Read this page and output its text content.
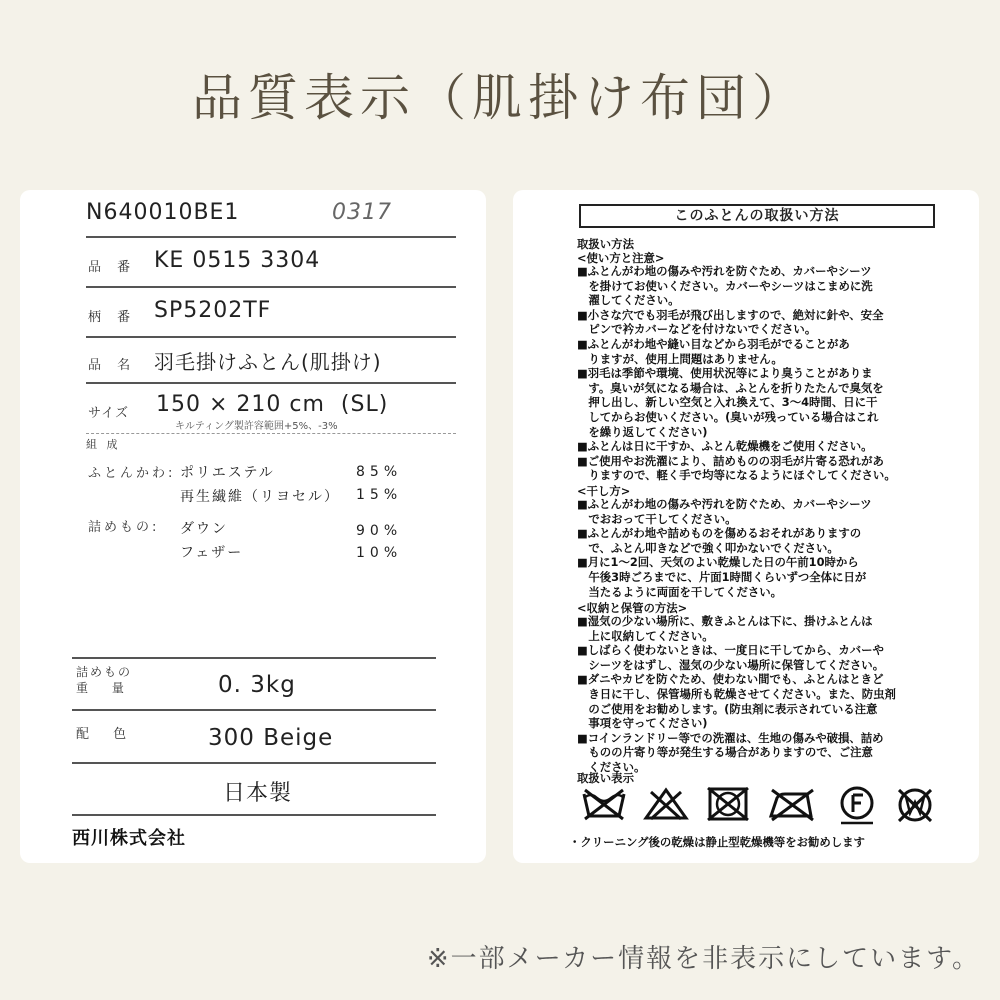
品質表示（肌掛け布団）
N640010BE1	0317
品 番 KE 0515 3304
柄 番 SP5202TF
品 名 羽毛掛けふとん(肌掛け)
サイズ 150 × 210 cm  (SL)
キルティング製許容範囲+5%、-3%
組 成
ふとんかわ: ポリエステル	85%
再生繊維（リヨセル） 15%
詰めもの: ダウン	90%
フェザー	10%
詰めもの
重 量	0. 3kg
配 色	300 Beige
日本製
西川株式会社
このふとんの取扱い方法
取扱い方法
<使い方と注意>
■ふとんがわ地の傷みや汚れを防ぐため、カバーやシーツ
　を掛けてお使いください。カバーやシーツはこまめに洗
　濯してください。
■小さな穴でも羽毛が飛び出しますので、絶対に針や、安全
　ピンで衿カバーなどを付けないでください。
■ふとんがわ地や縫い目などから羽毛がでることがあ
　りますが、使用上問題はありません。
■羽毛は季節や環境、使用状況等により臭うことがありま
　す。臭いが気になる場合は、ふとんを折りたたんで臭気を
　押し出し、新しい空気と入れ換えて、3～4時間、日に干
　してからお使いください。(臭いが残っている場合はこれ
　を繰り返してください)
■ふとんは日に干すか、ふとん乾燥機をご使用ください。
■ご使用やお洗濯により、詰めものの羽毛が片寄る恐れがあ
　りますので、軽く手で均等になるようにほぐしてください。
<干し方>
■ふとんがわ地の傷みや汚れを防ぐため、カバーやシーツ
　でおおって干してください。
■ふとんがわ地や詰めものを傷めるおそれがありますの
　で、ふとん叩きなどで強く叩かないでください。
■月に1～2回、天気のよい乾燥した日の午前10時から
　午後3時ごろまでに、片面1時間くらいずつ全体に日が
　当たるように両面を干してください。
<収納と保管の方法>
■湿気の少ない場所に、敷きふとんは下に、掛けふとんは
　上に収納してください。
■しばらく使わないときは、一度日に干してから、カバーや
　シーツをはずし、湿気の少ない場所に保管してください。
■ダニやカビを防ぐため、使わない間でも、ふとんはときど
　き日に干し、保管場所も乾燥させてください。また、防虫剤
　のご使用をお勧めします。(防虫剤に表示されている注意
　事項を守ってください)
■コインランドリー等での洗濯は、生地の傷みや破損、詰め
　ものの片寄り等が発生する場合がありますので、ご注意
　ください。
取扱い表示
・クリーニング後の乾燥は静止型乾燥機等をお勧めします
※一部メーカー情報を非表示にしています。
